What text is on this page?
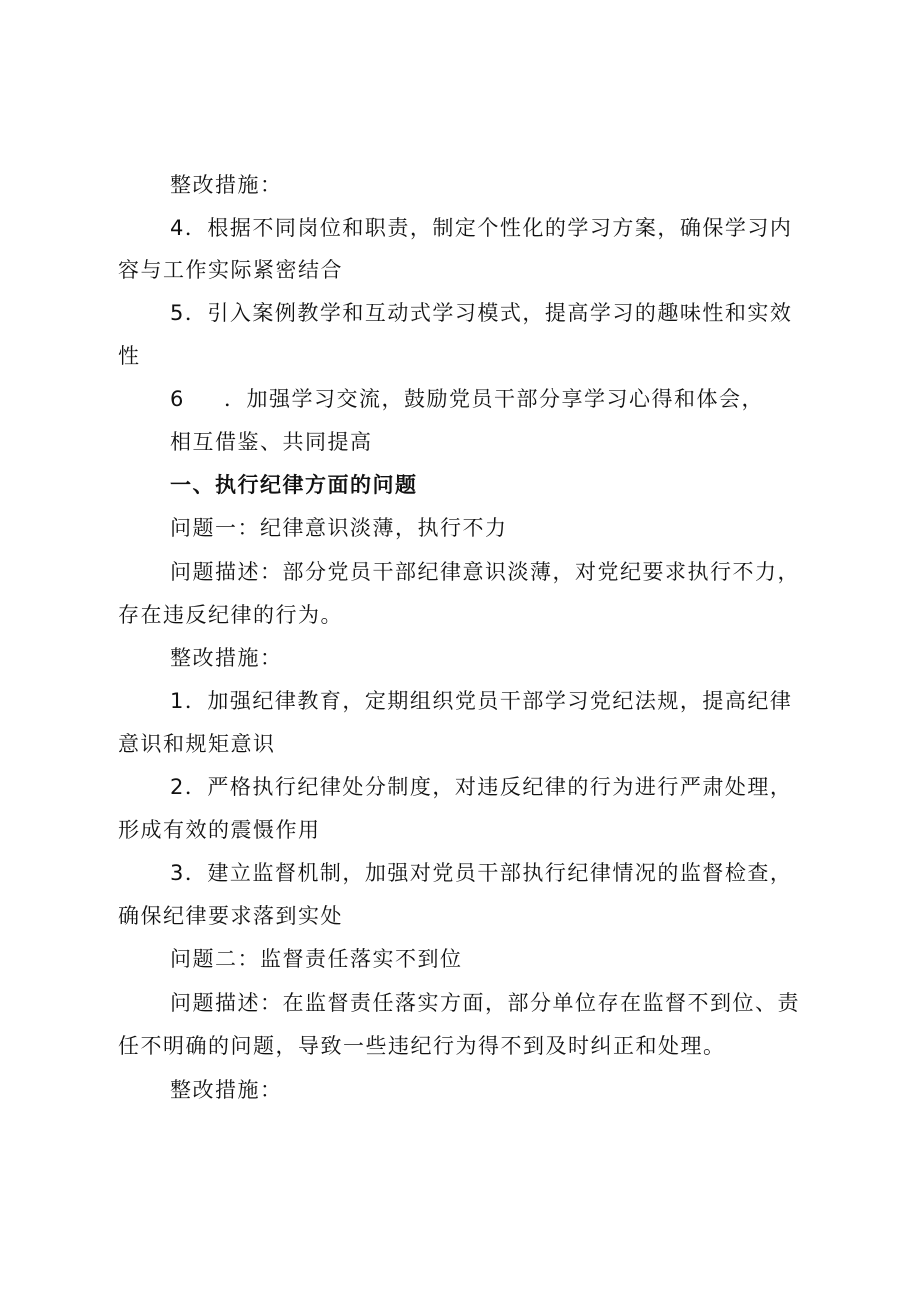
整改措施：
4．根据不同岗位和职责，制定个性化的学习方案，确保学习内
容与工作实际紧密结合
5．引入案例教学和互动式学习模式，提高学习的趣味性和实效
性
6 ．加强学习交流，鼓励党员干部分享学习心得和体会，
相互借鉴、共同提高
一、执行纪律方面的问题
问题一：纪律意识淡薄，执行不力
问题描述：部分党员干部纪律意识淡薄，对党纪要求执行不力，
存在违反纪律的行为。
整改措施：
1．加强纪律教育，定期组织党员干部学习党纪法规，提高纪律
意识和规矩意识
2．严格执行纪律处分制度，对违反纪律的行为进行严肃处理，
形成有效的震慑作用
3．建立监督机制，加强对党员干部执行纪律情况的监督检查，
确保纪律要求落到实处
问题二：监督责任落实不到位
问题描述：在监督责任落实方面，部分单位存在监督不到位、责
任不明确的问题，导致一些违纪行为得不到及时纠正和处理。
整改措施：
